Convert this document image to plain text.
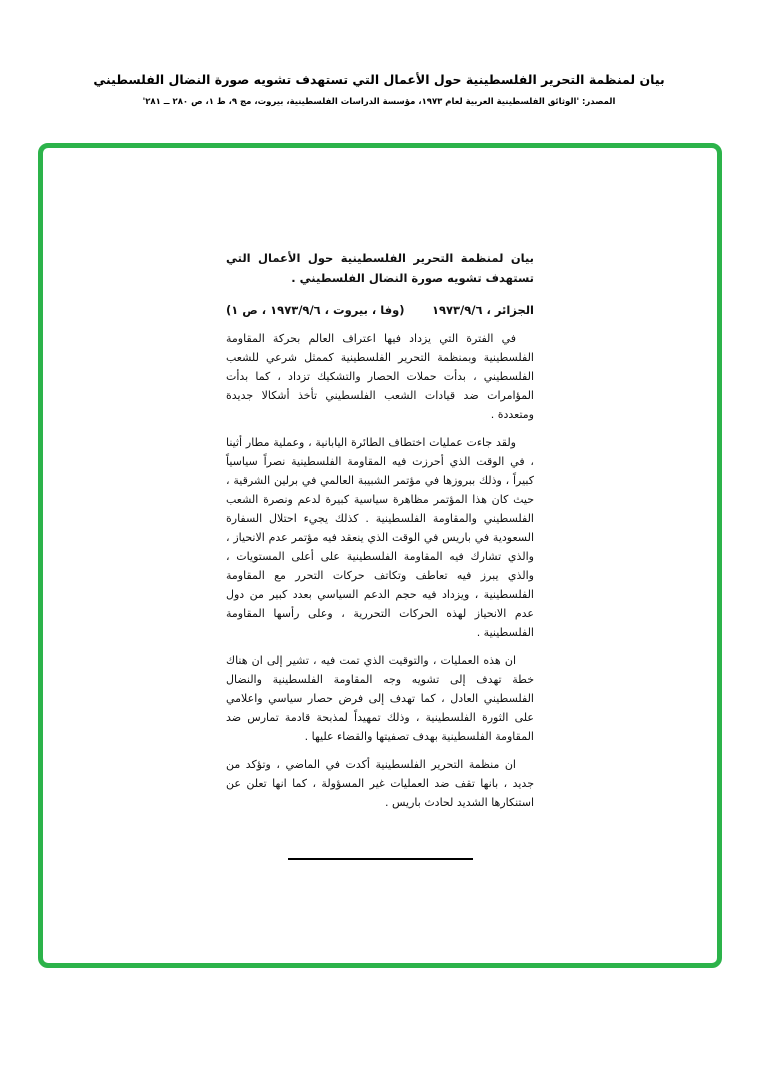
بيان لمنظمة التحرير الفلسطينية حول الأعمال التي تستهدف تشويه صورة النضال الفلسطيني
المصدر: 'الوثائق الفلسطينية العربية لعام ١٩٧٣، مؤسسة الدراسات الفلسطينية، بيروت، مج ٩، ط ١، ص ٢٨٠ ــ ٢٨١'
بيان لمنظمة التحرير الفلسطينية حول الأعمال التي تستهدف تشويه صورة النضال الفلسطيني .
الجزائر ، ١٩٧٣/٩/٦
(وفا ، بيروت ، ١٩٧٣/٩/٦ ، ص ١)

في الفترة التي يزداد فيها اعتراف العالم بحركة المقاومة الفلسطينية وبمنظمة التحرير الفلسطينية كممثل شرعي للشعب الفلسطيني ، بدأت حملات الحصار والتشكيك تزداد ، كما بدأت المؤامرات ضد قيادات الشعب الفلسطيني تأخذ أشكالا جديدة ومتعددة .

ولقد جاءت عمليات اختطاف الطائرة اليابانية ، وعملية مطار أثينا ، في الوقت الذي أحرزت فيه المقاومة الفلسطينية نصراً سياسياً كبيراً ، وذلك ببروزها في مؤتمر الشبيبة العالمي في برلين الشرقية ، حيث كان هذا المؤتمر مظاهرة سياسية كبيرة لدعم ونصرة الشعب الفلسطيني والمقاومة الفلسطينية . كذلك يجيء احتلال السفارة السعودية في باريس في الوقت الذي ينعقد فيه مؤتمر عدم الانحياز ، والذي تشارك فيه المقاومة الفلسطينية على أعلى المستويات ، والذي يبرز فيه تعاطف وتكاتف حركات التحرر مع المقاومة الفلسطينية ، ويزداد فيه حجم الدعم السياسي بعدد كبير من دول عدم الانحياز لهذه الحركات التحررية ، وعلى رأسها المقاومة الفلسطينية .

ان هذه العمليات ، والتوقيت الذي تمت فيه ، تشير إلى ان هناك خطة تهدف إلى تشويه وجه المقاومة الفلسطينية والنضال الفلسطيني العادل ، كما تهدف إلى فرض حصار سياسي واعلامي على الثورة الفلسطينية ، وذلك تمهيداً لمذبحة قادمة تمارس ضد المقاومة الفلسطينية بهدف تصفيتها والقضاء عليها .

ان منظمة التحرير الفلسطينية أكدت في الماضي ، وتؤكد من جديد ، بانها تقف ضد العمليات غير المسؤولة ، كما انها تعلن عن استنكارها الشديد لحادث باريس .
